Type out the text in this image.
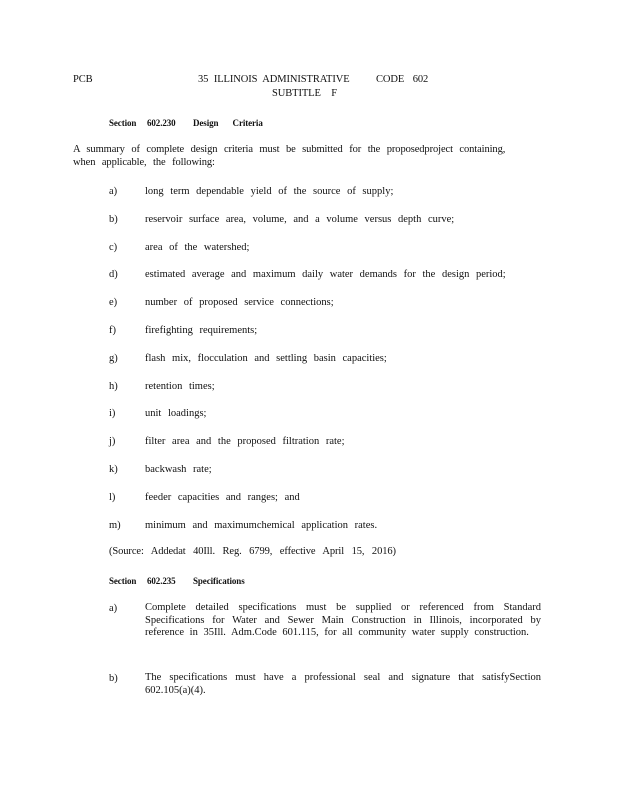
PCB	35 ILLINOIS ADMINISTRATIVE	CODE 602
SUBTITLE F
Section 602.230 Design Criteria
A summary of complete design criteria must be submitted for the proposedproject containing, when applicable, the following:
a)	long term dependable yield of the source of supply;
b)	reservoir surface area, volume, and a volume versus depth curve;
c)	area of the watershed;
d)	estimated average and maximum daily water demands for the design period;
e)	number of proposed service connections;
f)	firefighting requirements;
g)	flash mix, flocculation and settling basin capacities;
h)	retention times;
i)	unit loadings;
j)	filter area and the proposed filtration rate;
k)	backwash rate;
l)	feeder capacities and ranges; and
m) minimum and maximumchemical application rates.
(Source: Addedat 40Ill. Reg. 6799, effective April 15, 2016)
Section 602.235 Specifications
a)	Complete detailed specifications must be supplied or referenced from Standard Specifications for Water and Sewer Main Construction in Illinois, incorporated by reference in 35Ill. Adm.Code 601.115, for all community water supply construction.
b)	The specifications must have a professional seal and signature that satisfySection 602.105(a)(4).
